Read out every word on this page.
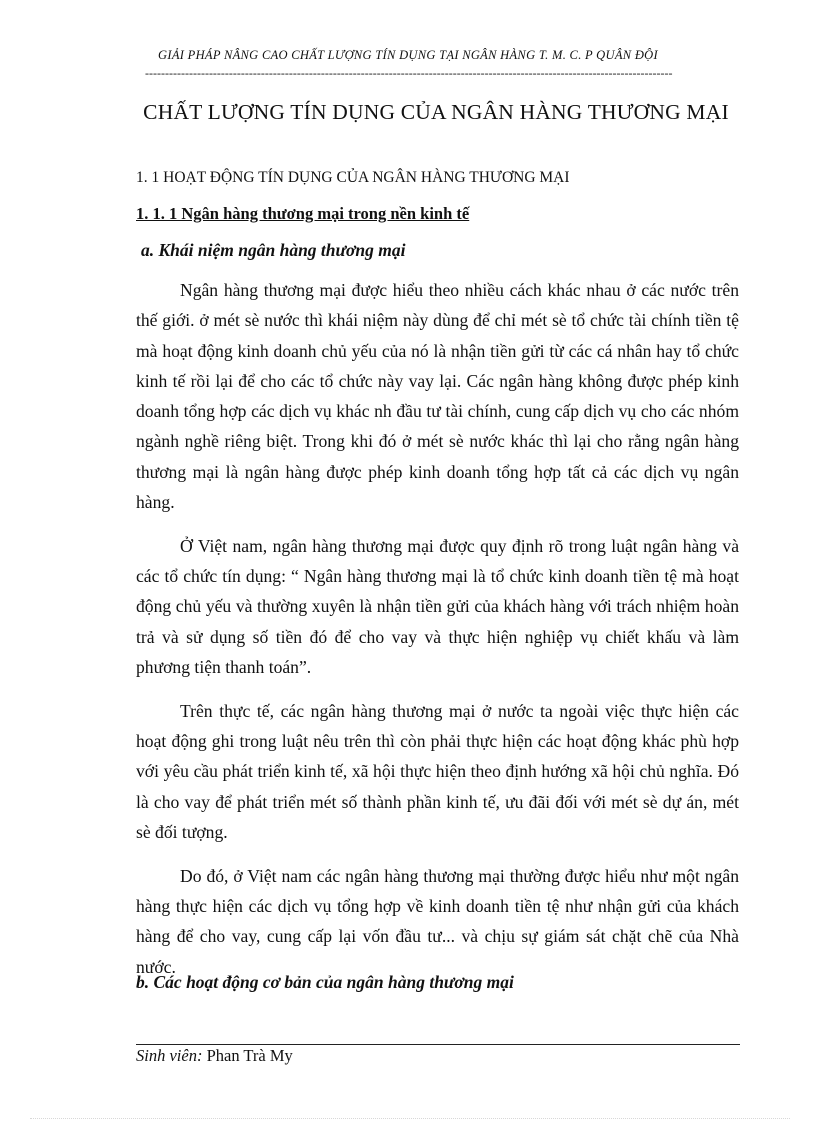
GIẢI PHÁP NÂNG CAO CHẤT LƯỢNG TÍN DỤNG TẠI NGÂN HÀNG T. M. C. P QUÂN ĐỘI
------------------------------------------------------------------------------------------------------------------------------------
CHẤT LƯỢNG TÍN DỤNG CỦA NGÂN HÀNG THƯƠNG MẠI
1. 1 HOẠT ĐỘNG TÍN DỤNG CỦA NGÂN HÀNG THƯƠNG MẠI
1. 1. 1 Ngân hàng thương mại trong nền kinh tế
a. Khái niệm ngân hàng thương mại

Ngân hàng thương mại được hiểu theo nhiều cách khác nhau ở các nước trên thế giới. ở mét sè nước thì khái niệm này dùng để chỉ mét sè tổ chức tài chính tiền tệ mà hoạt động kinh doanh chủ yếu của nó là nhận tiền gửi từ các cá nhân hay tổ chức kinh tế rồi lại để cho các tổ chức này vay lại. Các ngân hàng không được phép kinh doanh tổng hợp các dịch vụ khác nh đầu tư tài chính, cung cấp dịch vụ cho các nhóm ngành nghề riêng biệt. Trong khi đó ở mét sè nước khác thì lại cho rằng ngân hàng thương mại là ngân hàng được phép kinh doanh tổng hợp tất cả các dịch vụ ngân hàng.

Ở Việt nam, ngân hàng thương mại được quy định rõ trong luật ngân hàng và các tổ chức tín dụng: “ Ngân hàng thương mại là tổ chức kinh doanh tiền tệ mà hoạt động chủ yếu và thường xuyên là nhận tiền gửi của khách hàng với trách nhiệm hoàn trả và sử dụng số tiền đó để cho vay và thực hiện nghiệp vụ chiết khấu và làm phương tiện thanh toán”.

Trên thực tế, các ngân hàng thương mại ở nước ta ngoài việc thực hiện các hoạt động ghi trong luật nêu trên thì còn phải thực hiện các hoạt động khác phù hợp với yêu cầu phát triển kinh tế, xã hội thực hiện theo định hướng xã hội chủ nghĩa. Đó là cho vay để phát triển mét số thành phần kinh tế, ưu đãi đối với mét sè dự án, mét sè đối tượng.

Do đó, ở Việt nam các ngân hàng thương mại thường được hiểu như một ngân hàng thực hiện các dịch vụ tổng hợp về kinh doanh tiền tệ như nhận gửi của khách hàng để cho vay, cung cấp lại vốn đầu tư... và chịu sự giám sát chặt chẽ của Nhà nước.

b. Các hoạt động cơ bản của ngân hàng thương mại
Sinh viên: Phan Trà My
